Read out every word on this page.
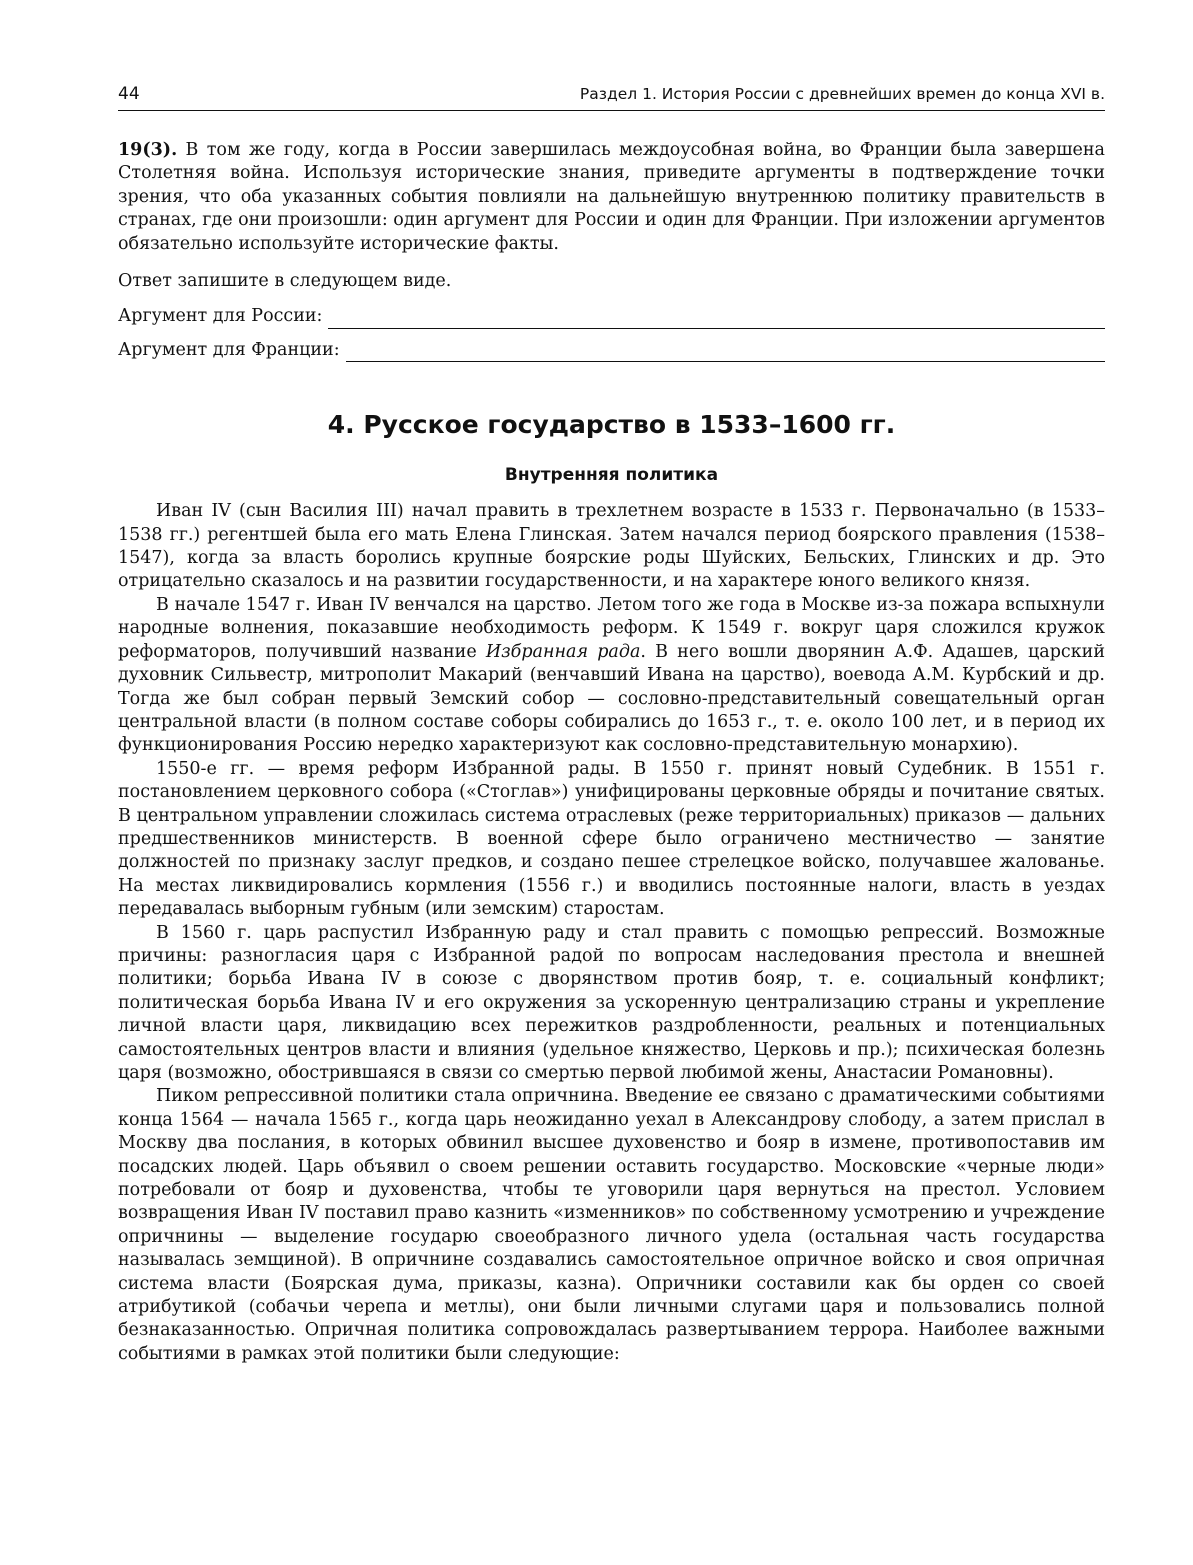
44	Раздел 1. История России с древнейших времен до конца XVI в.

19(3). В том же году, когда в России завершилась междоусобная война, во Франции была завершена Столетняя война. Используя исторические знания, приведите аргументы в подтверждение точки зрения, что оба указанных события повлияли на дальнейшую внутреннюю политику правительств в странах, где они произошли: один аргумент для России и один для Франции. При изложении аргументов обязательно используйте исторические факты.

Ответ запишите в следующем виде.

Аргумент для России:
Аргумент для Франции:
4. Русское государство в 1533–1600 гг.
Внутренняя политика

Иван IV (сын Василия III) начал править в трехлетнем возрасте в 1533 г. Первоначально (в 1533–1538 гг.) регентшей была его мать Елена Глинская. Затем начался период боярского правления (1538–1547), когда за власть боролись крупные боярские роды Шуйских, Бельских, Глинских и др. Это отрицательно сказалось и на развитии государственности, и на характере юного великого князя.

В начале 1547 г. Иван IV венчался на царство. Летом того же года в Москве из-за пожара вспыхнули народные волнения, показавшие необходимость реформ. К 1549 г. вокруг царя сложился кружок реформаторов, получивший название Избранная рада. В него вошли дворянин А.Ф. Адашев, царский духовник Сильвестр, митрополит Макарий (венчавший Ивана на царство), воевода А.М. Курбский и др. Тогда же был собран первый Земский собор — сословно-представительный совещательный орган центральной власти (в полном составе соборы собирались до 1653 г., т. е. около 100 лет, и в период их функционирования Россию нередко характеризуют как сословно-представительную монархию).

1550-е гг. — время реформ Избранной рады. В 1550 г. принят новый Судебник. В 1551 г. постановлением церковного собора («Стоглав») унифицированы церковные обряды и почитание святых. В центральном управлении сложилась система отраслевых (реже территориальных) приказов — дальних предшественников министерств. В военной сфере было ограничено местничество — занятие должностей по признаку заслуг предков, и создано пешее стрелецкое войско, получавшее жалованье. На местах ликвидировались кормления (1556 г.) и вводились постоянные налоги, власть в уездах передавалась выборным губным (или земским) старостам.

В 1560 г. царь распустил Избранную раду и стал править с помощью репрессий. Возможные причины: разногласия царя с Избранной радой по вопросам наследования престола и внешней политики; борьба Ивана IV в союзе с дворянством против бояр, т. е. социальный конфликт; политическая борьба Ивана IV и его окружения за ускоренную централизацию страны и укрепление личной власти царя, ликвидацию всех пережитков раздробленности, реальных и потенциальных самостоятельных центров власти и влияния (удельное княжество, Церковь и пр.); психическая болезнь царя (возможно, обострившаяся в связи со смертью первой любимой жены, Анастасии Романовны).

Пиком репрессивной политики стала опричнина. Введение ее связано с драматическими событиями конца 1564 — начала 1565 г., когда царь неожиданно уехал в Александрову слободу, а затем прислал в Москву два послания, в которых обвинил высшее духовенство и бояр в измене, противопоставив им посадских людей. Царь объявил о своем решении оставить государство. Московские «черные люди» потребовали от бояр и духовенства, чтобы те уговорили царя вернуться на престол. Условием возвращения Иван IV поставил право казнить «изменников» по собственному усмотрению и учреждение опричнины — выделение государю своеобразного личного удела (остальная часть государства называлась земщиной). В опричнине создавались самостоятельное опричное войско и своя опричная система власти (Боярская дума, приказы, казна). Опричники составили как бы орден со своей атрибутикой (собачьи черепа и метлы), они были личными слугами царя и пользовались полной безнаказанностью. Опричная политика сопровождалась развертыванием террора. Наиболее важными событиями в рамках этой политики были следующие:
